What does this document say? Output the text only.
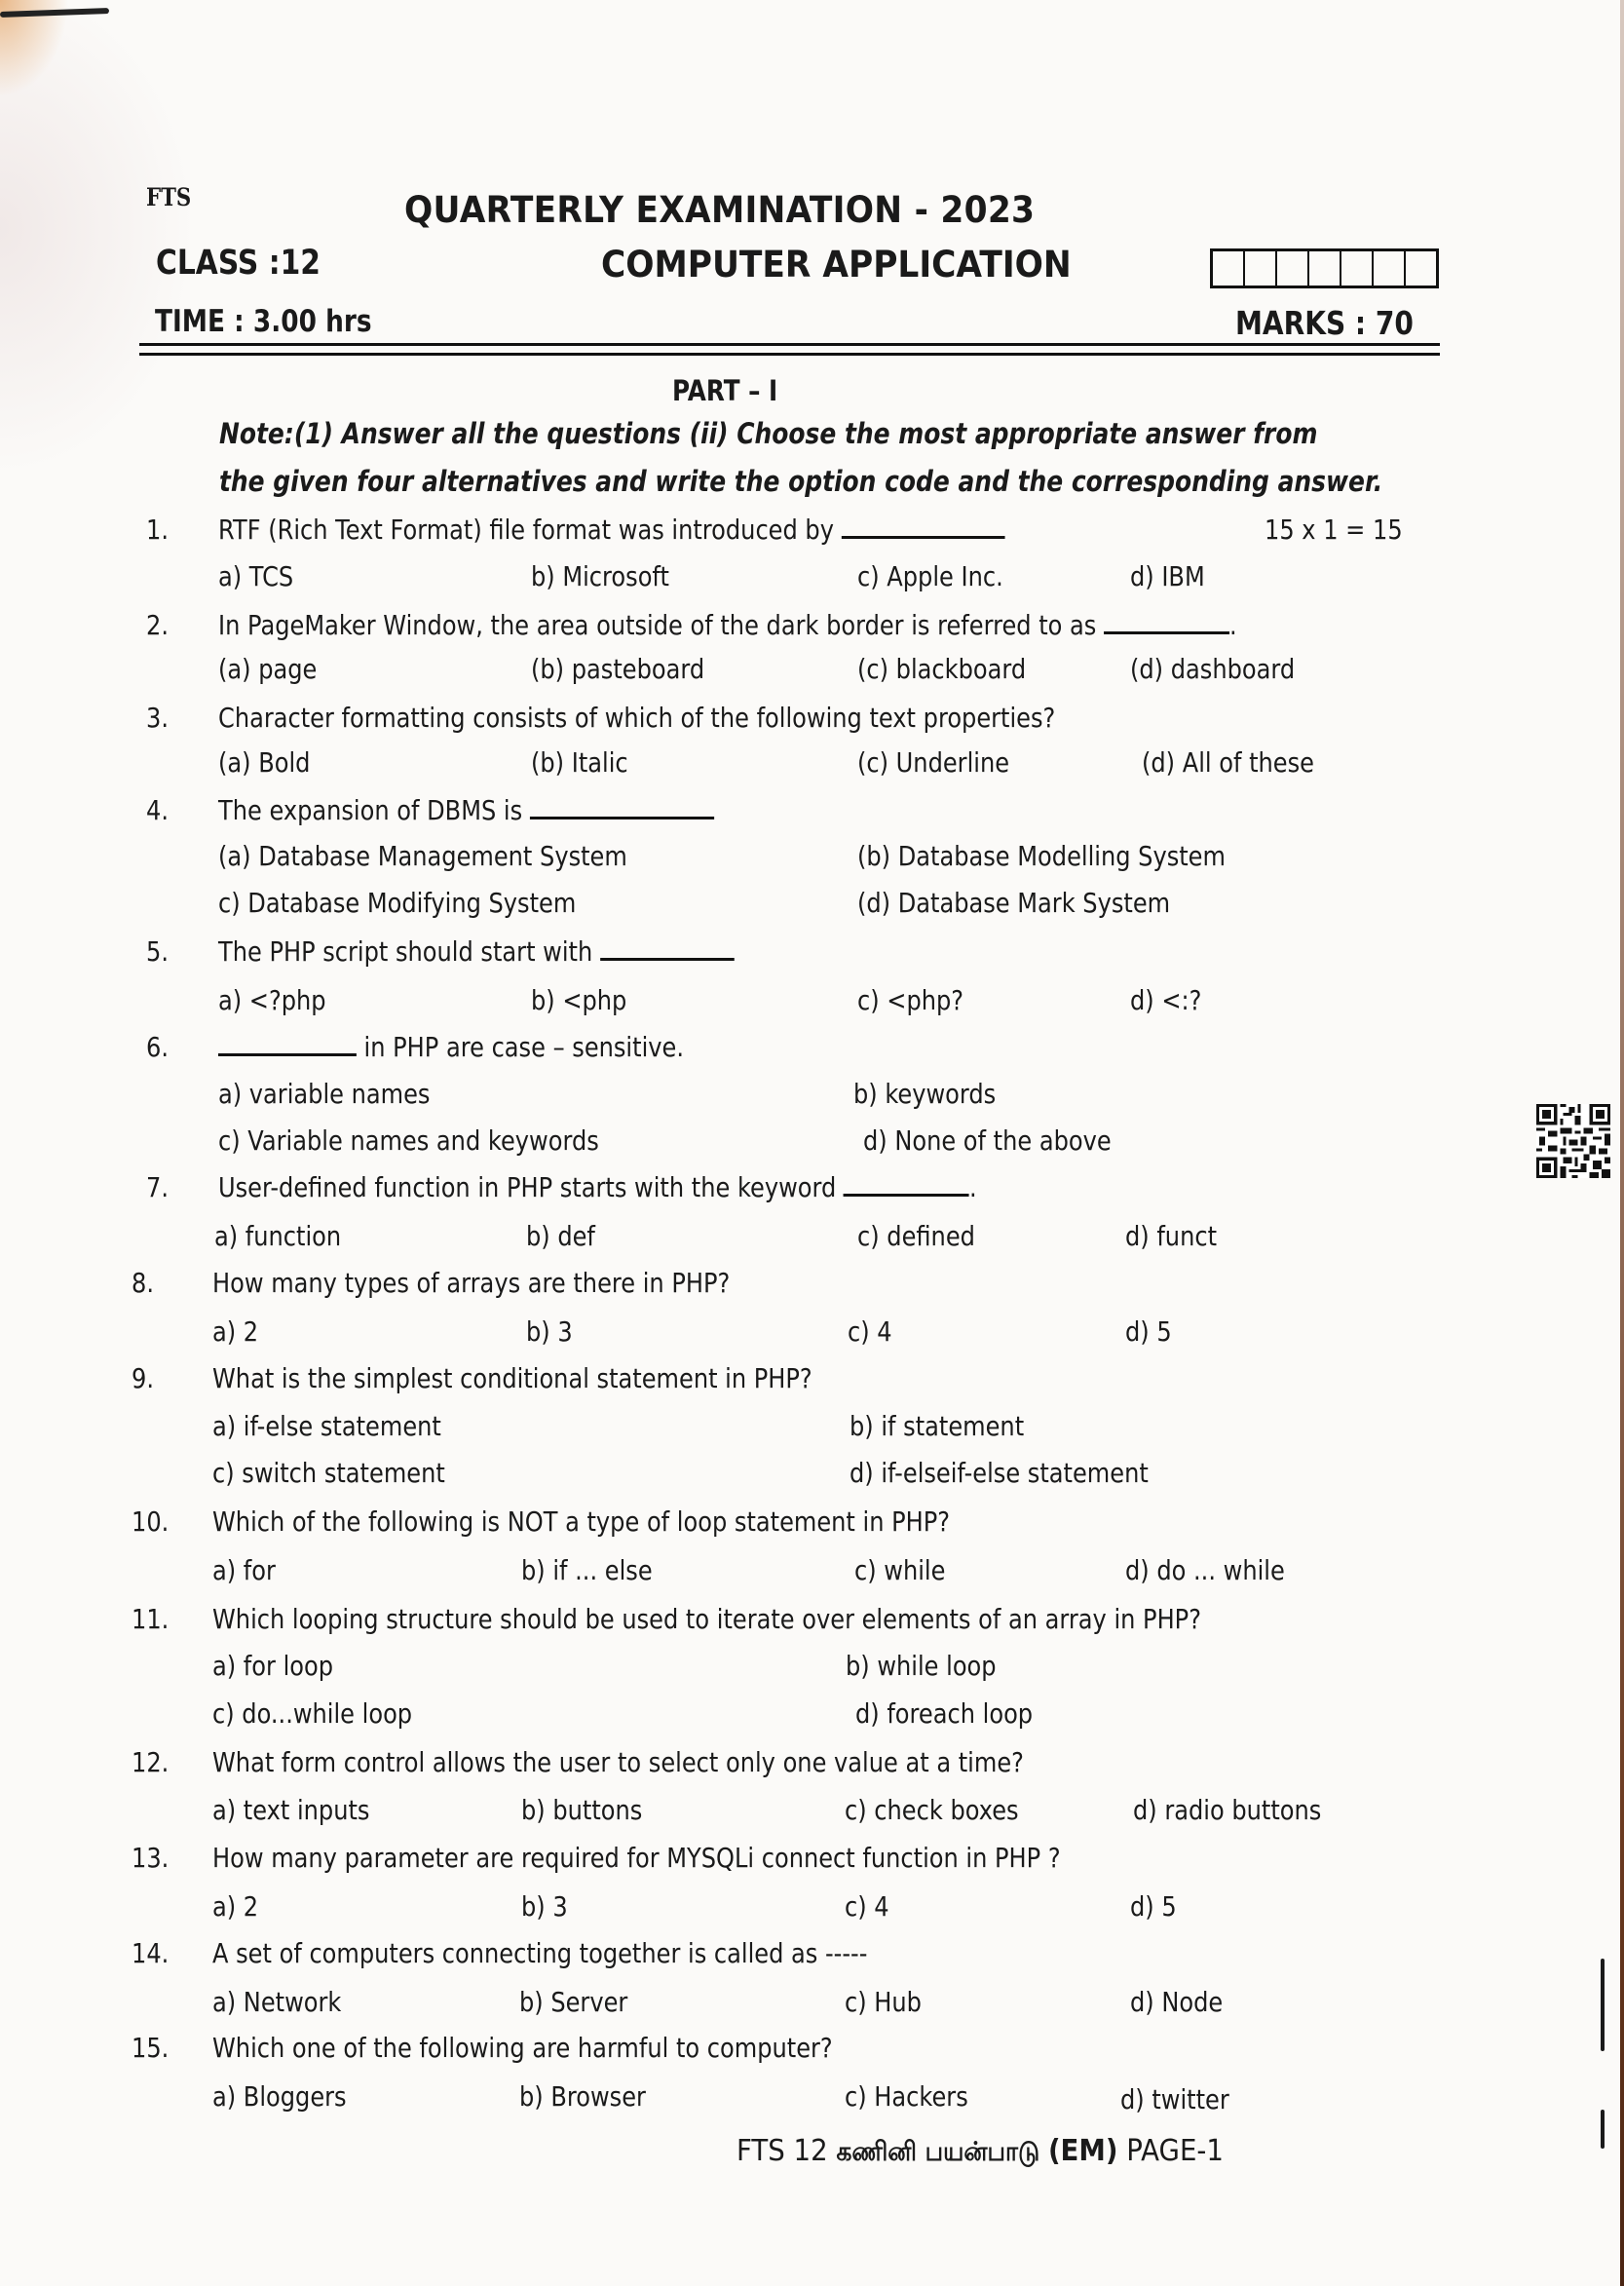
FTS	QUARTERLY EXAMINATION - 2023
CLASS :12	COMPUTER APPLICATION
TIME : 3.00 hrs	MARKS : 70
PART – I
Note:(1) Answer all the questions (ii) Choose the most appropriate answer from
the given four alternatives and write the option code and the corresponding answer.
1. RTF (Rich Text Format) file format was introduced by	15 x 1 = 15
a) TCS	b) Microsoft	c) Apple Inc.	d) IBM
2. In PageMaker Window, the area outside of the dark border is referred to as	.
(a) page	(b) pasteboard	(c) blackboard	(d) dashboard
3. Character formatting consists of which of the following text properties?
(a) Bold	(b) Italic	(c) Underline	(d) All of these
4. The expansion of DBMS is
(a) Database Management System	(b) Database Modelling System
c) Database Modifying System	(d) Database Mark System
5. The PHP script should start with
a) <?php	b) <php	c) <php?	d) <:?
6.	in PHP are case – sensitive.
a) variable names	b) keywords
c) Variable names and keywords	d) None of the above
7. User-defined function in PHP starts with the keyword	.
a) function	b) def	c) defined	d) funct
8. How many types of arrays are there in PHP?
a) 2	b) 3	c) 4	d) 5
9. What is the simplest conditional statement in PHP?
a) if-else statement	b) if statement
c) switch statement	d) if-elseif-else statement
10. Which of the following is NOT a type of loop statement in PHP?
a) for	b) if ... else	c) while	d) do ... while
11. Which looping structure should be used to iterate over elements of an array in PHP?
a) for loop	b) while loop
c) do...while loop	d) foreach loop
12. What form control allows the user to select only one value at a time?
a) text inputs	b) buttons	c) check boxes	d) radio buttons
13. How many parameter are required for MYSQLi connect function in PHP ?
a) 2	b) 3	c) 4	d) 5
14. A set of computers connecting together is called as -----
a) Network	b) Server	c) Hub	d) Node
15. Which one of the following are harmful to computer?
a) Bloggers	b) Browser	c) Hackers	d) twitter
FTS 12 கணினி பயன்பாடு (EM) PAGE-1
